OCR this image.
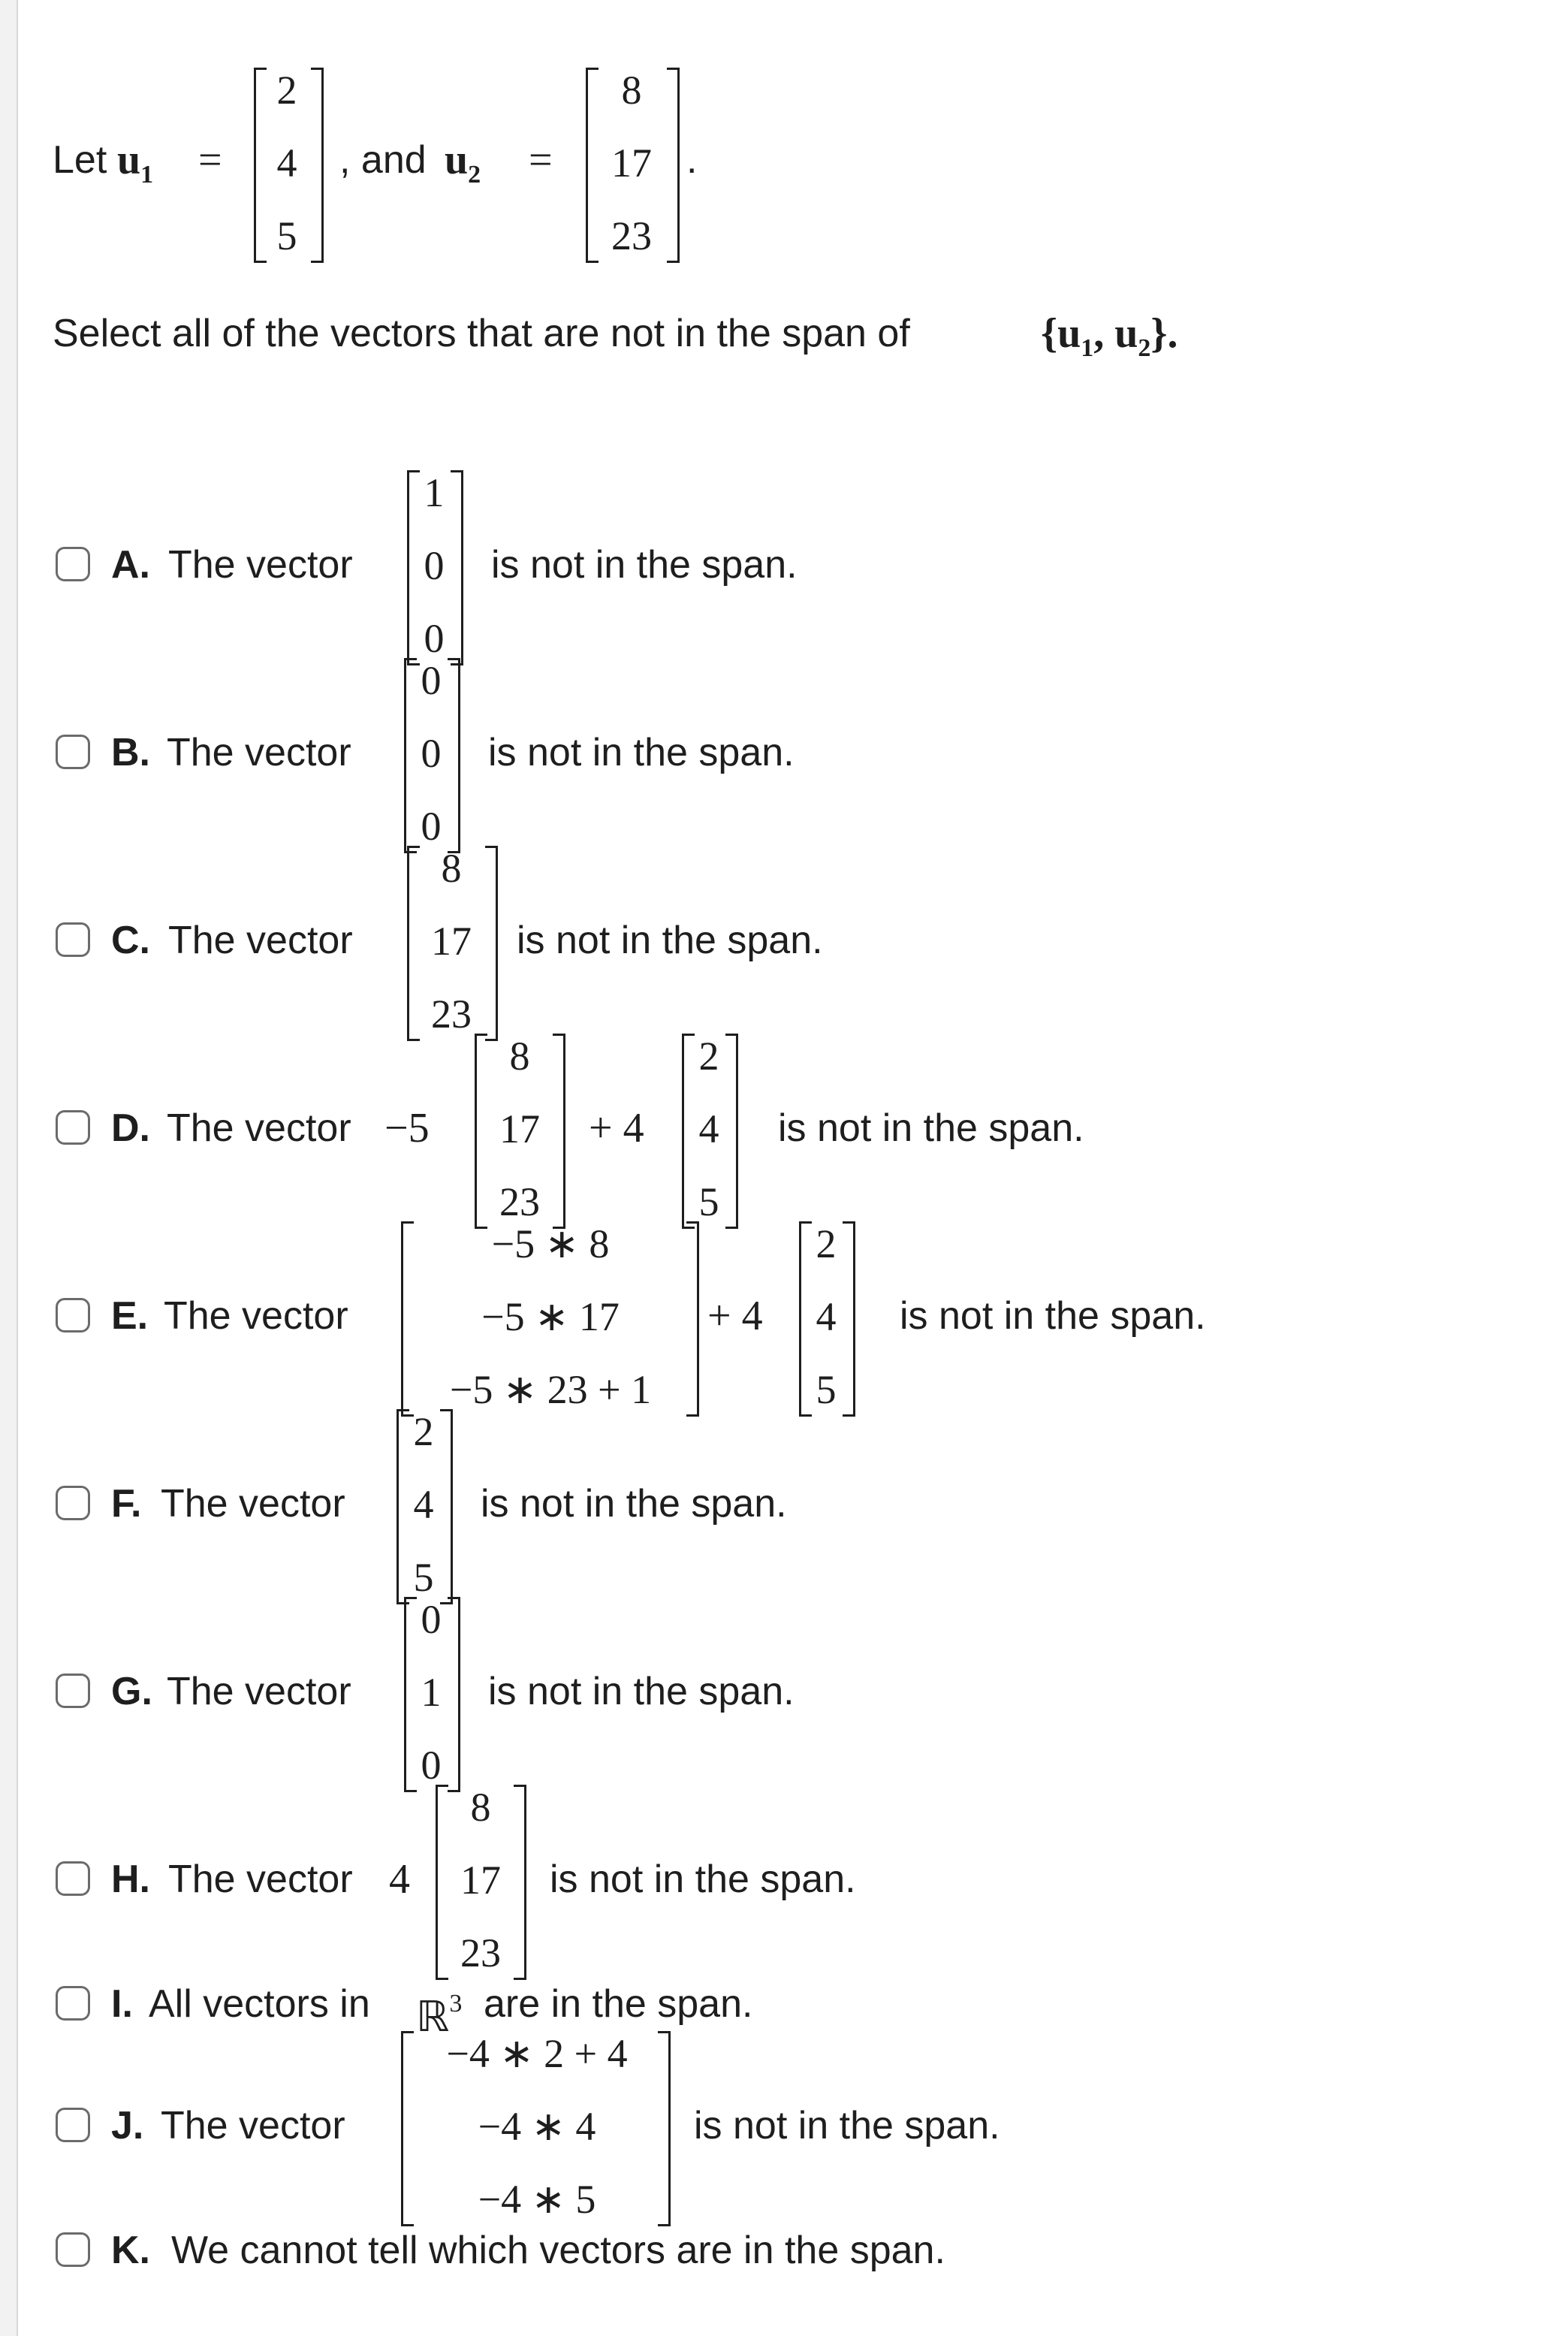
Let $u_1$ =
2
4
5
, and $u_2$ =
8
17
23
.
Select all of the vectors that are not in the span of	{$u_1$, $u_2$}.
A. The vector
1
0
0
is not in the span.
B. The vector
0
0
0
is not in the span.
C. The vector
8
17
23
is not in the span.
D. The vector −5
8
17
23
+ 4
2
4
5
is not in the span.
E. The vector
−5 ∗ 8
−5 ∗ 17
−5 ∗ 23 + 1
+ 4
2
4
5
is not in the span.
F. The vector
2
4
5
is not in the span.
G. The vector
0
1
0
is not in the span.
H. The vector 4
8
17
23
is not in the span.
I. All vectors in ℝ$^3$ are in the span.
J. The vector
−4 ∗ 2 + 4
−4 ∗ 4
−4 ∗ 5
is not in the span.
K. We cannot tell which vectors are in the span.
